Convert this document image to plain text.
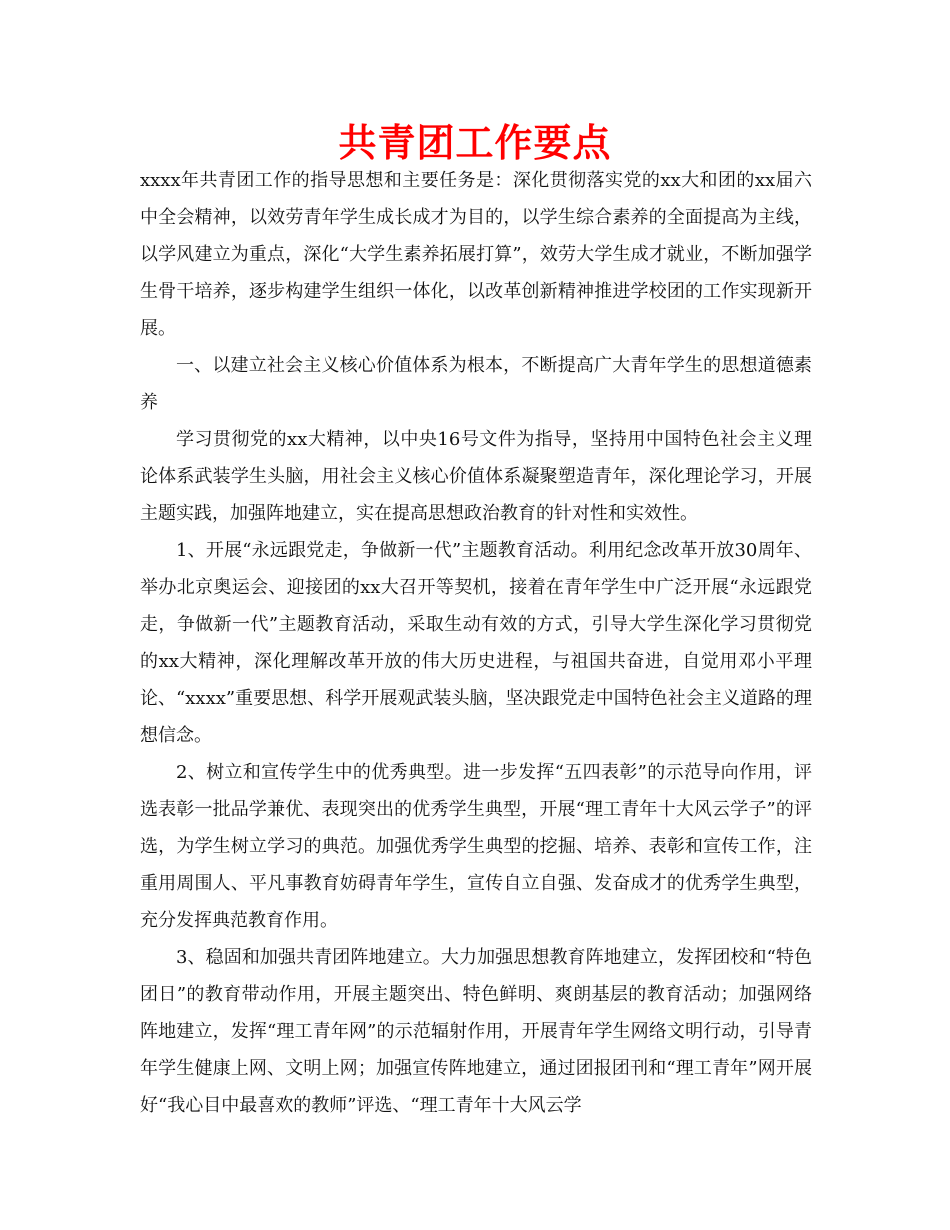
共青团工作要点

xxxx年共青团工作的指导思想和主要任务是：深化贯彻落实党的xx大和团的xx届六中全会精神，以效劳青年学生成长成才为目的，以学生综合素养的全面提高为主线，以学风建立为重点，深化“大学生素养拓展打算”，效劳大学生成才就业，不断加强学生骨干培养，逐步构建学生组织一体化，以改革创新精神推进学校团的工作实现新开展。

一、以建立社会主义核心价值体系为根本，不断提高广大青年学生的思想道德素养

学习贯彻党的xx大精神，以中央16号文件为指导，坚持用中国特色社会主义理论体系武装学生头脑，用社会主义核心价值体系凝聚塑造青年，深化理论学习，开展主题实践，加强阵地建立，实在提高思想政治教育的针对性和实效性。

1、开展“永远跟党走，争做新一代”主题教育活动。利用纪念改革开放30周年、举办北京奥运会、迎接团的xx大召开等契机，接着在青年学生中广泛开展“永远跟党走，争做新一代”主题教育活动，采取生动有效的方式，引导大学生深化学习贯彻党的xx大精神，深化理解改革开放的伟大历史进程，与祖国共奋进，自觉用邓小平理论、“xxxx”重要思想、科学开展观武装头脑，坚决跟党走中国特色社会主义道路的理想信念。

2、树立和宣传学生中的优秀典型。进一步发挥“五四表彰”的示范导向作用，评选表彰一批品学兼优、表现突出的优秀学生典型，开展“理工青年十大风云学子”的评选，为学生树立学习的典范。加强优秀学生典型的挖掘、培养、表彰和宣传工作，注重用周围人、平凡事教育妨碍青年学生，宣传自立自强、发奋成才的优秀学生典型，充分发挥典范教育作用。

3、稳固和加强共青团阵地建立。大力加强思想教育阵地建立，发挥团校和“特色团日”的教育带动作用，开展主题突出、特色鲜明、爽朗基层的教育活动；加强网络阵地建立，发挥“理工青年网”的示范辐射作用，开展青年学生网络文明行动，引导青年学生健康上网、文明上网；加强宣传阵地建立，通过团报团刊和“理工青年”网开展好“我心目中最喜欢的教师”评选、“理工青年十大风云学
